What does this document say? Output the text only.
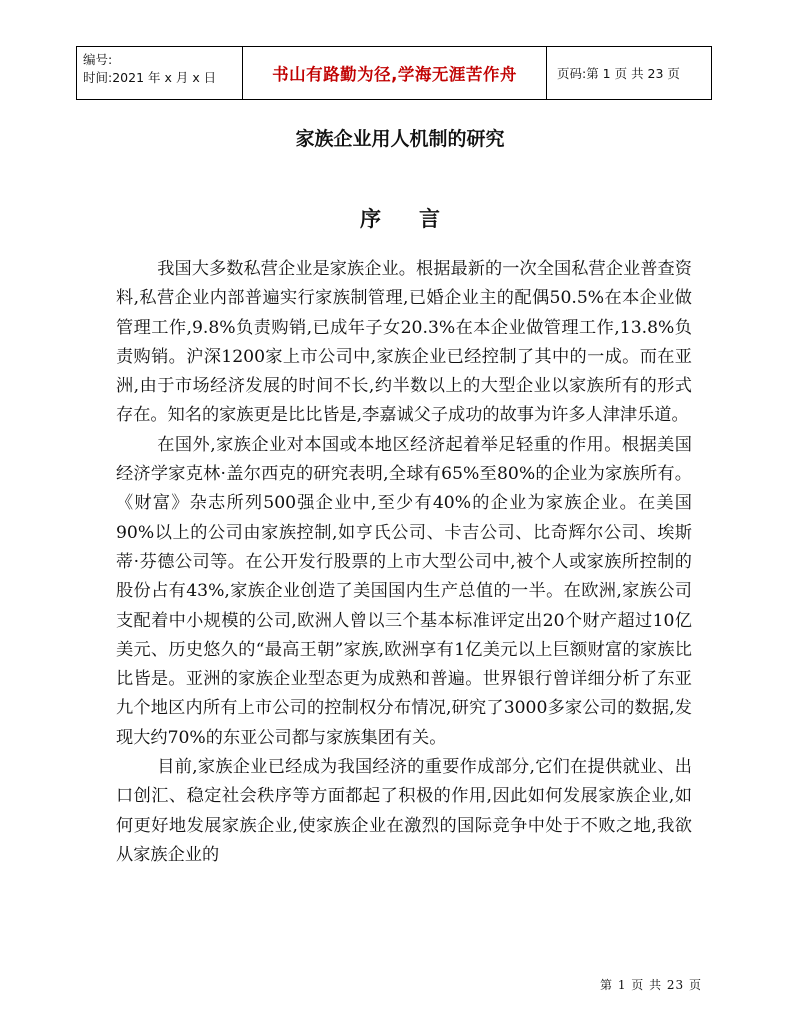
编号:
时间:2021 年 x 月 x 日	书山有路勤为径,学海无涯苦作舟	页码:第 1 页 共 23 页
家族企业用人机制的研究
序言

我国大多数私营企业是家族企业。根据最新的一次全国私营企业普查资料,私营企业内部普遍实行家族制管理,已婚企业主的配偶50.5%在本企业做管理工作,9.8%负责购销,已成年子女20.3%在本企业做管理工作,13.8%负责购销。沪深1200家上市公司中,家族企业已经控制了其中的一成。而在亚洲,由于市场经济发展的时间不长,约半数以上的大型企业以家族所有的形式存在。知名的家族更是比比皆是,李嘉诚父子成功的故事为许多人津津乐道。

在国外,家族企业对本国或本地区经济起着举足轻重的作用。根据美国经济学家克林·盖尔西克的研究表明,全球有65%至80%的企业为家族所有。《财富》杂志所列500强企业中,至少有40%的企业为家族企业。在美国90%以上的公司由家族控制,如亨氏公司、卡吉公司、比奇辉尔公司、埃斯蒂·芬德公司等。在公开发行股票的上市大型公司中,被个人或家族所控制的股份占有43%,家族企业创造了美国国内生产总值的一半。在欧洲,家族公司支配着中小规模的公司,欧洲人曾以三个基本标准评定出20个财产超过10亿美元、历史悠久的“最高王朝”家族,欧洲享有1亿美元以上巨额财富的家族比比皆是。亚洲的家族企业型态更为成熟和普遍。世界银行曾详细分析了东亚九个地区内所有上市公司的控制权分布情况,研究了3000多家公司的数据,发现大约70%的东亚公司都与家族集团有关。

目前,家族企业已经成为我国经济的重要作成部分,它们在提供就业、出口创汇、稳定社会秩序等方面都起了积极的作用,因此如何发展家族企业,如何更好地发展家族企业,使家族企业在激烈的国际竞争中处于不败之地,我欲从家族企业的

第 1 页 共 23 页
